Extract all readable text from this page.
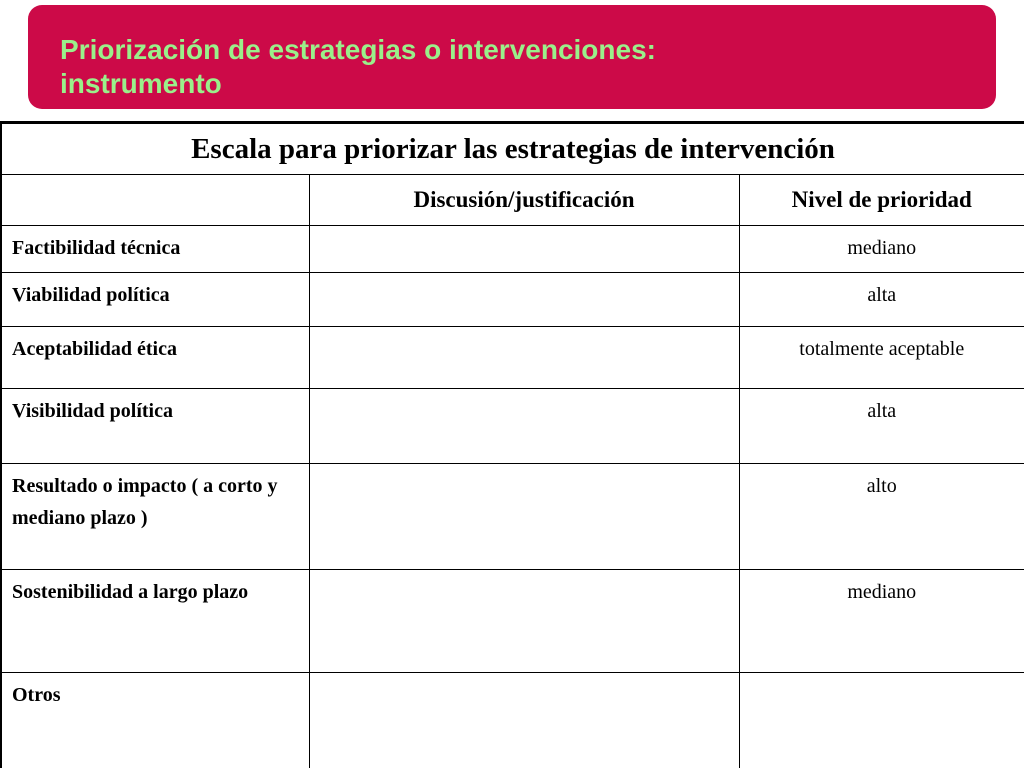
Priorización de estrategias o intervenciones:
instrumento
Escala para priorizar las estrategias de intervención		
	Discusión/justificación	Nivel de prioridad
Factibilidad técnica		mediano
Viabilidad política		alta
Aceptabilidad ética		totalmente aceptable
Visibilidad política		alta
Resultado o impacto ( a corto y mediano plazo )		alto
Sostenibilidad a largo plazo		mediano
Otros		
